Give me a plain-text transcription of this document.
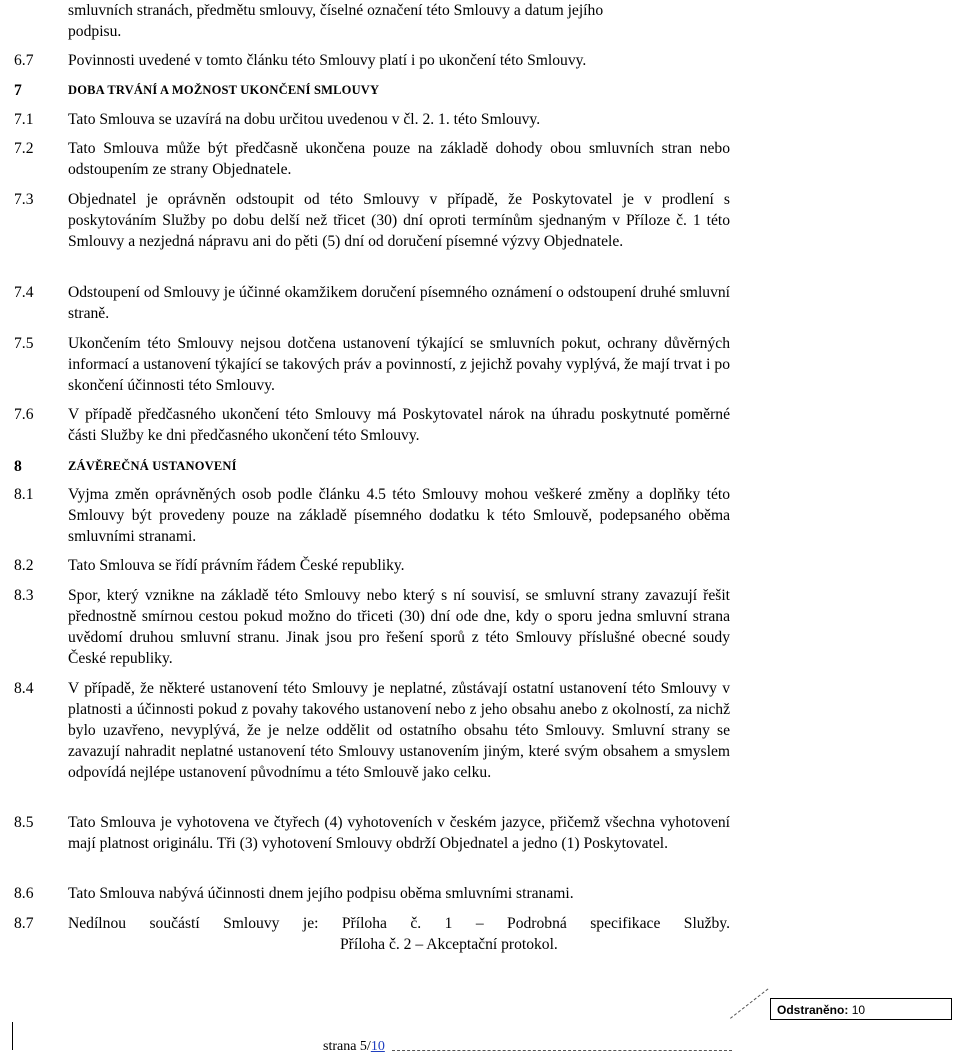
smluvních stranách, předmětu smlouvy, číselné označení této Smlouvy a datum jejího
podpisu.
6.7	Povinnosti uvedené v tomto článku této Smlouvy platí i po ukončení této Smlouvy.
7	DOBA TRVÁNÍ A MOŽNOST UKONČENÍ SMLOUVY
7.1	Tato Smlouva se uzavírá na dobu určitou uvedenou v čl. 2. 1. této Smlouvy.
7.2	Tato Smlouva může být předčasně ukončena pouze na základě dohody obou smluvních stran nebo odstoupením ze strany Objednatele.
7.3	Objednatel je oprávněn odstoupit od této Smlouvy v případě, že Poskytovatel je v prodlení s poskytováním Služby po dobu delší než třicet (30) dní oproti termínům sjednaným v Příloze č. 1 této Smlouvy a nezjedná nápravu ani do pěti (5) dní od doručení písemné výzvy Objednatele.
7.4	Odstoupení od Smlouvy je účinné okamžikem doručení písemného oznámení o odstoupení druhé smluvní straně.
7.5	Ukončením této Smlouvy nejsou dotčena ustanovení týkající se smluvních pokut, ochrany důvěrných informací a ustanovení týkající se takových práv a povinností, z jejichž povahy vyplývá, že mají trvat i po skončení účinnosti této Smlouvy.
7.6	V případě předčasného ukončení této Smlouvy má Poskytovatel nárok na úhradu poskytnuté poměrné části Služby ke dni předčasného ukončení této Smlouvy.
8	ZÁVĚREČNÁ USTANOVENÍ
8.1	Vyjma změn oprávněných osob podle článku 4.5 této Smlouvy mohou veškeré změny a doplňky této Smlouvy být provedeny pouze na základě písemného dodatku k této Smlouvě, podepsaného oběma smluvními stranami.
8.2	Tato Smlouva se řídí právním řádem České republiky.
8.3	Spor, který vznikne na základě této Smlouvy nebo který s ní souvisí, se smluvní strany zavazují řešit přednostně smírnou cestou pokud možno do třiceti (30) dní ode dne, kdy o sporu jedna smluvní strana uvědomí druhou smluvní stranu. Jinak jsou pro řešení sporů z této Smlouvy příslušné obecné soudy České republiky.
8.4	V případě, že některé ustanovení této Smlouvy je neplatné, zůstávají ostatní ustanovení této Smlouvy v platnosti a účinnosti pokud z povahy takového ustanovení nebo z jeho obsahu anebo z okolností, za nichž bylo uzavřeno, nevyplývá, že je nelze oddělit od ostatního obsahu této Smlouvy. Smluvní strany se zavazují nahradit neplatné ustanovení této Smlouvy ustanovením jiným, které svým obsahem a smyslem odpovídá nejlépe ustanovení původnímu a této Smlouvě jako celku.
8.5	Tato Smlouva je vyhotovena ve čtyřech (4) vyhotoveních v českém jazyce, přičemž všechna vyhotovení mají platnost originálu. Tři (3) vyhotovení Smlouvy obdrží Objednatel a jedno (1) Poskytovatel.
8.6	Tato Smlouva nabývá účinnosti dnem jejího podpisu oběma smluvními stranami.
8.7	Nedílnou součástí Smlouvy je: Příloha č. 1 – Podrobná specifikace Služby.
Příloha č. 2 – Akceptační protokol.
strana 5/10
Odstraněno: 10
